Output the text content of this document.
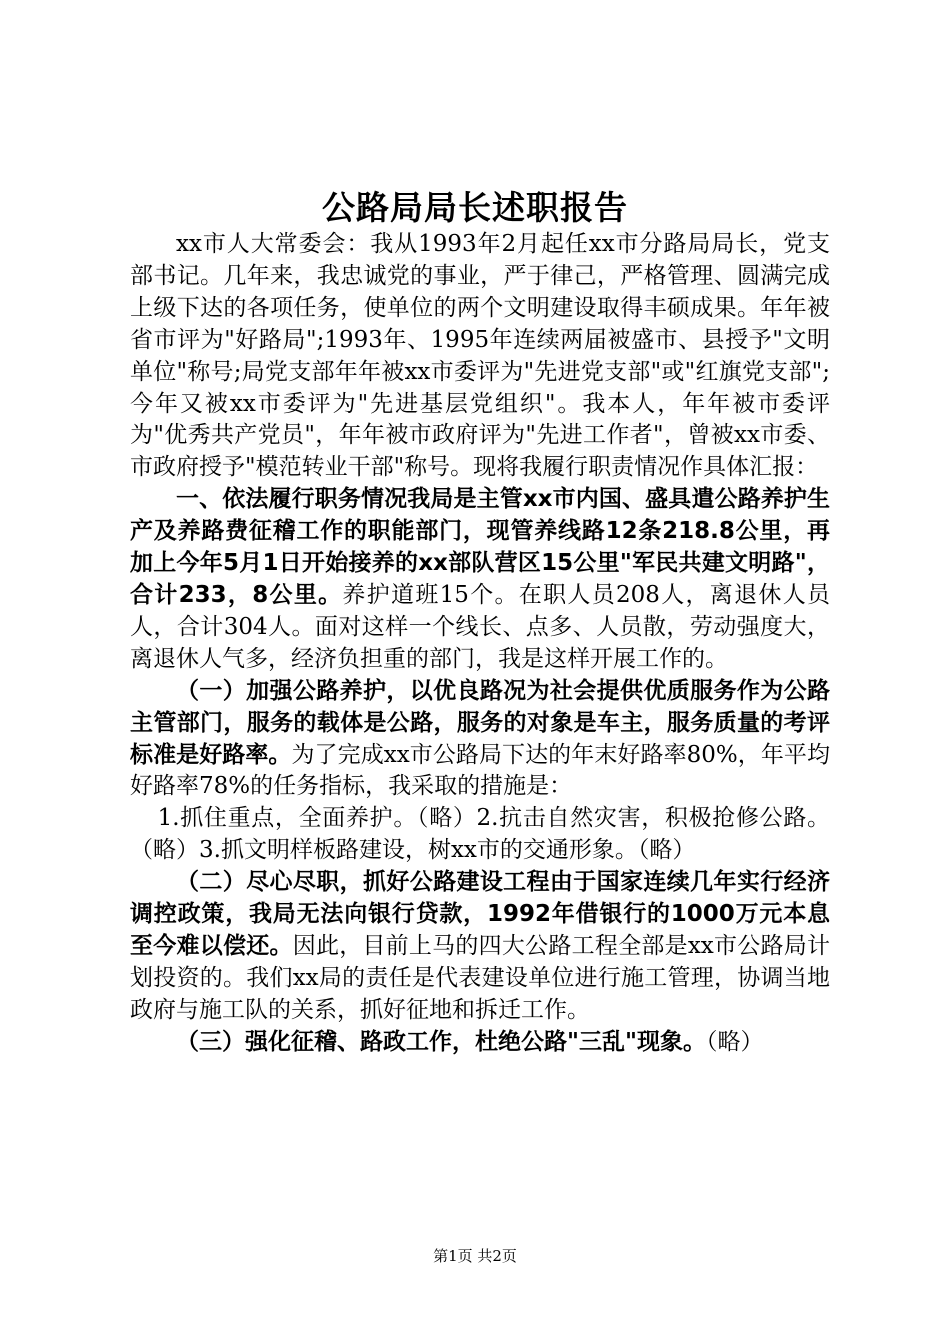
公路局局长述职报告

xx市人大常委会：我从1993年2月起任xx市分路局局长，党支部书记。几年来，我忠诚党的事业，严于律己，严格管理、圆满完成上级下达的各项任务，使单位的两个文明建设取得丰硕成果。年年被省市评为"好路局";1993年、1995年连续两届被盛市、县授予"文明单位"称号;局党支部年年被xx市委评为"先进党支部"或"红旗党支部";今年又被xx市委评为"先进基层党组织"。我本人，年年被市委评为"优秀共产党员"，年年被市政府评为"先进工作者"，曾被xx市委、市政府授予"模范转业干部"称号。现将我履行职责情况作具体汇报：

一、依法履行职务情况我局是主管xx市内国、盛具遣公路养护生产及养路费征稽工作的职能部门，现管养线路12条218.8公里，再加上今年5月1日开始接养的xx部队营区15公里"军民共建文明路"，合计233，8公里。养护道班15个。在职人员208人，离退休人员人，合计304人。面对这样一个线长、点多、人员散，劳动强度大，离退休人气多，经济负担重的部门，我是这样开展工作的。

（一）加强公路养护，以优良路况为社会提供优质服务作为公路主管部门，服务的载体是公路，服务的对象是车主，服务质量的考评标准是好路率。为了完成xx市公路局下达的年末好路率80%，年平均好路率78%的任务指标，我采取的措施是：

1.抓住重点，全面养护。（略）2.抗击自然灾害，积极抢修公路。（略）3.抓文明样板路建设，树xx市的交通形象。（略）

（二）尽心尽职，抓好公路建设工程由于国家连续几年实行经济调控政策，我局无法向银行贷款，1992年借银行的1000万元本息至今难以偿还。因此，目前上马的四大公路工程全部是xx市公路局计划投资的。我们xx局的责任是代表建设单位进行施工管理，协调当地政府与施工队的关系，抓好征地和拆迁工作。

（三）强化征稽、路政工作，杜绝公路"三乱"现象。（略）

第1页 共2页
